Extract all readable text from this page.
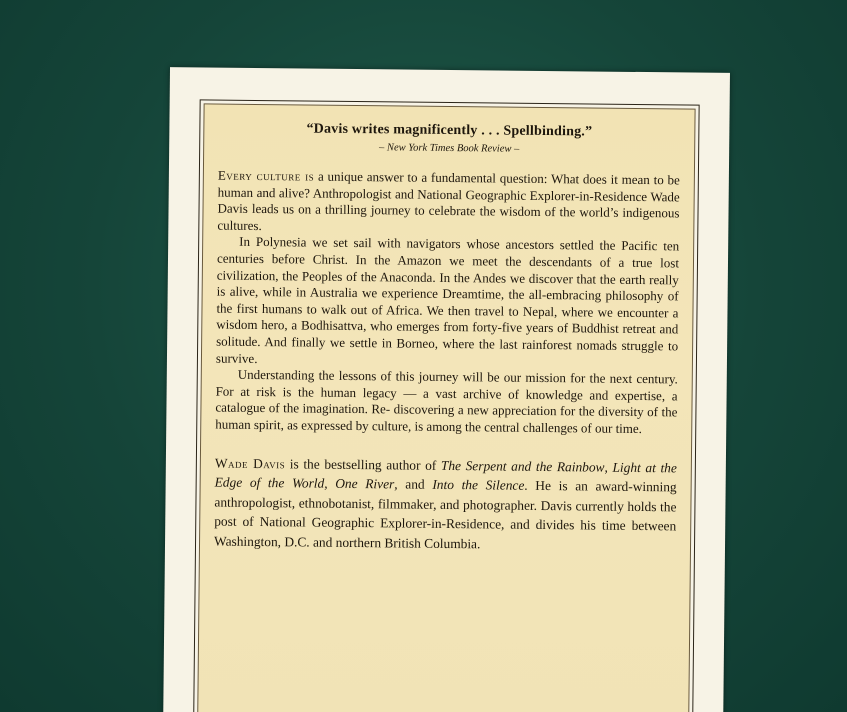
“Davis writes magnificently . . . Spellbinding.”
– New York Times Book Review –

Every culture is a unique answer to a fundamental question: What does it mean to be human and alive? Anthropologist and National Geographic Explorer-in-Residence Wade Davis leads us on a thrilling journey to celebrate the wisdom of the world’s indigenous cultures.

In Polynesia we set sail with navigators whose ancestors settled the Pacific ten centuries before Christ. In the Amazon we meet the descendants of a true lost civilization, the Peoples of the Anaconda. In the Andes we discover that the earth really is alive, while in Australia we experience Dreamtime, the all-embracing philosophy of the first humans to walk out of Africa. We then travel to Nepal, where we encounter a wisdom hero, a Bodhisattva, who emerges from forty-five years of Buddhist retreat and solitude. And finally we settle in Borneo, where the last rainforest nomads struggle to survive.

Understanding the lessons of this journey will be our mission for the next century. For at risk is the human legacy — a vast archive of knowledge and expertise, a catalogue of the imagination. Re- discovering a new appreciation for the diversity of the human spirit, as expressed by culture, is among the central challenges of our time.

Wade Davis is the bestselling author of The Serpent and the Rainbow, Light at the Edge of the World, One River, and Into the Silence. He is an award-winning anthropologist, ethnobotanist, filmmaker, and photographer. Davis currently holds the post of National Geographic Explorer-in-Residence, and divides his time between Washington, D.C. and northern British Columbia.
